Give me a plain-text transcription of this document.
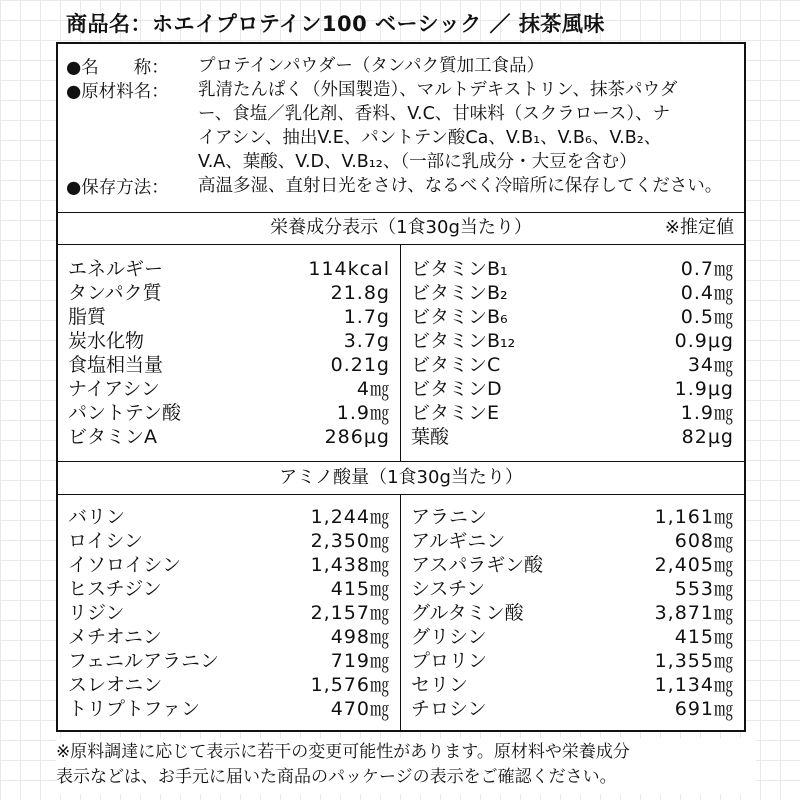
商品名：ホエイプロテイン100 ベーシック ／ 抹茶風味
●名　　称：	プロテインパウダー（タンパク質加工食品）
●原材料名：	乳清たんぱく（外国製造）、マルトデキストリン、抹茶パウダ
ー、食塩／乳化剤、香料、V.C、甘味料（スクラロース）、ナ
イアシン、抽出V.E、パントテン酸Ca、V.B₁、V.B₆、V.B₂、
V.A、葉酸、V.D、V.B₁₂、（一部に乳成分・大豆を含む）
●保存方法：	高温多湿、直射日光をさけ、なるべく冷暗所に保存してください。
栄養成分表示（1食30g当たり）	※推定値
エネルギー	114kcal
タンパク質	21.8g
脂質	1.7g
炭水化物	3.7g
食塩相当量	0.21g
ナイアシン	4㎎
パントテン酸	1.9㎎
ビタミンA	286μg
ビタミンB₁	0.7㎎
ビタミンB₂	0.4㎎
ビタミンB₆	0.5㎎
ビタミンB₁₂	0.9μg
ビタミンC	34㎎
ビタミンD	1.9μg
ビタミンE	1.9㎎
葉酸	82μg
アミノ酸量（1食30g当たり）
バリン	1,244㎎
ロイシン	2,350㎎
イソロイシン	1,438㎎
ヒスチジン	415㎎
リジン	2,157㎎
メチオニン	498㎎
フェニルアラニン	719㎎
スレオニン	1,576㎎
トリプトファン	470㎎
アラニン	1,161㎎
アルギニン	608㎎
アスパラギン酸	2,405㎎
シスチン	553㎎
グルタミン酸	3,871㎎
グリシン	415㎎
プロリン	1,355㎎
セリン	1,134㎎
チロシン	691㎎
※原料調達に応じて表示に若干の変更可能性があります。原材料や栄養成分
表示などは、お手元に届いた商品のパッケージの表示をご確認ください。
